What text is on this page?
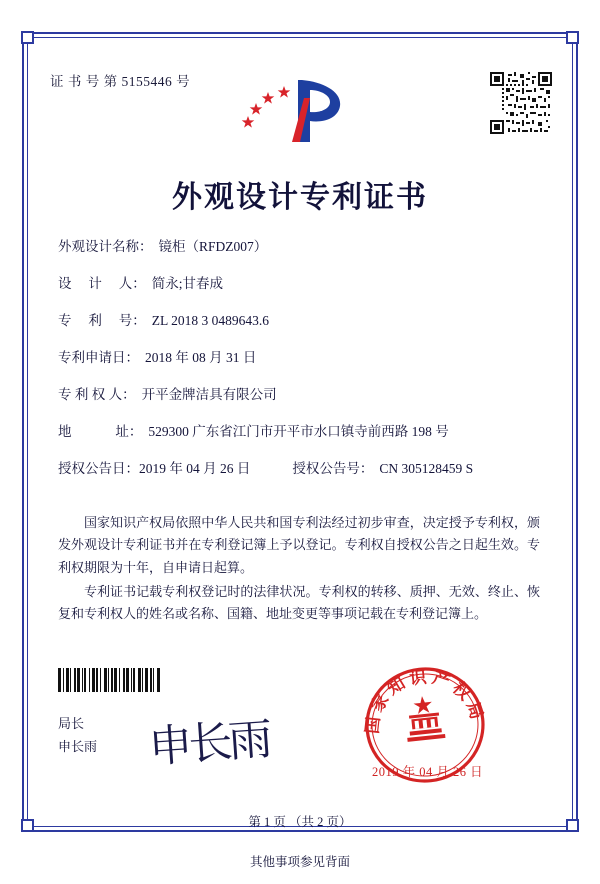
证 书 号 第 5155446 号
外观设计专利证书
外观设计名称： 镜柜（RFDZ007）
设　 计　 人： 简永;甘春成
专　 利　 号： ZL 2018 3 0489643.6
专利申请日： 2018 年 08 月 31 日
专 利 权 人： 开平金牌洁具有限公司
地　　　 址： 529300 广东省江门市开平市水口镇寺前西路 198 号
授权公告日： 2019 年 04 月 26 日	授权公告号： CN 305128459 S

国家知识产权局依照中华人民共和国专利法经过初步审查，决定授予专利权，颁发外观设计专利证书并在专利登记簿上予以登记。专利权自授权公告之日起生效。专利权期限为十年，自申请日起算。

专利证书记载专利权登记时的法律状况。专利权的转移、质押、无效、终止、恢复和专利权人的姓名或名称、国籍、地址变更等事项记载在专利登记簿上。

局长
申长雨 申长雨	国家知识产权局
2019 年 04 月 26 日
第 1 页 （共 2 页）
其他事项参见背面
